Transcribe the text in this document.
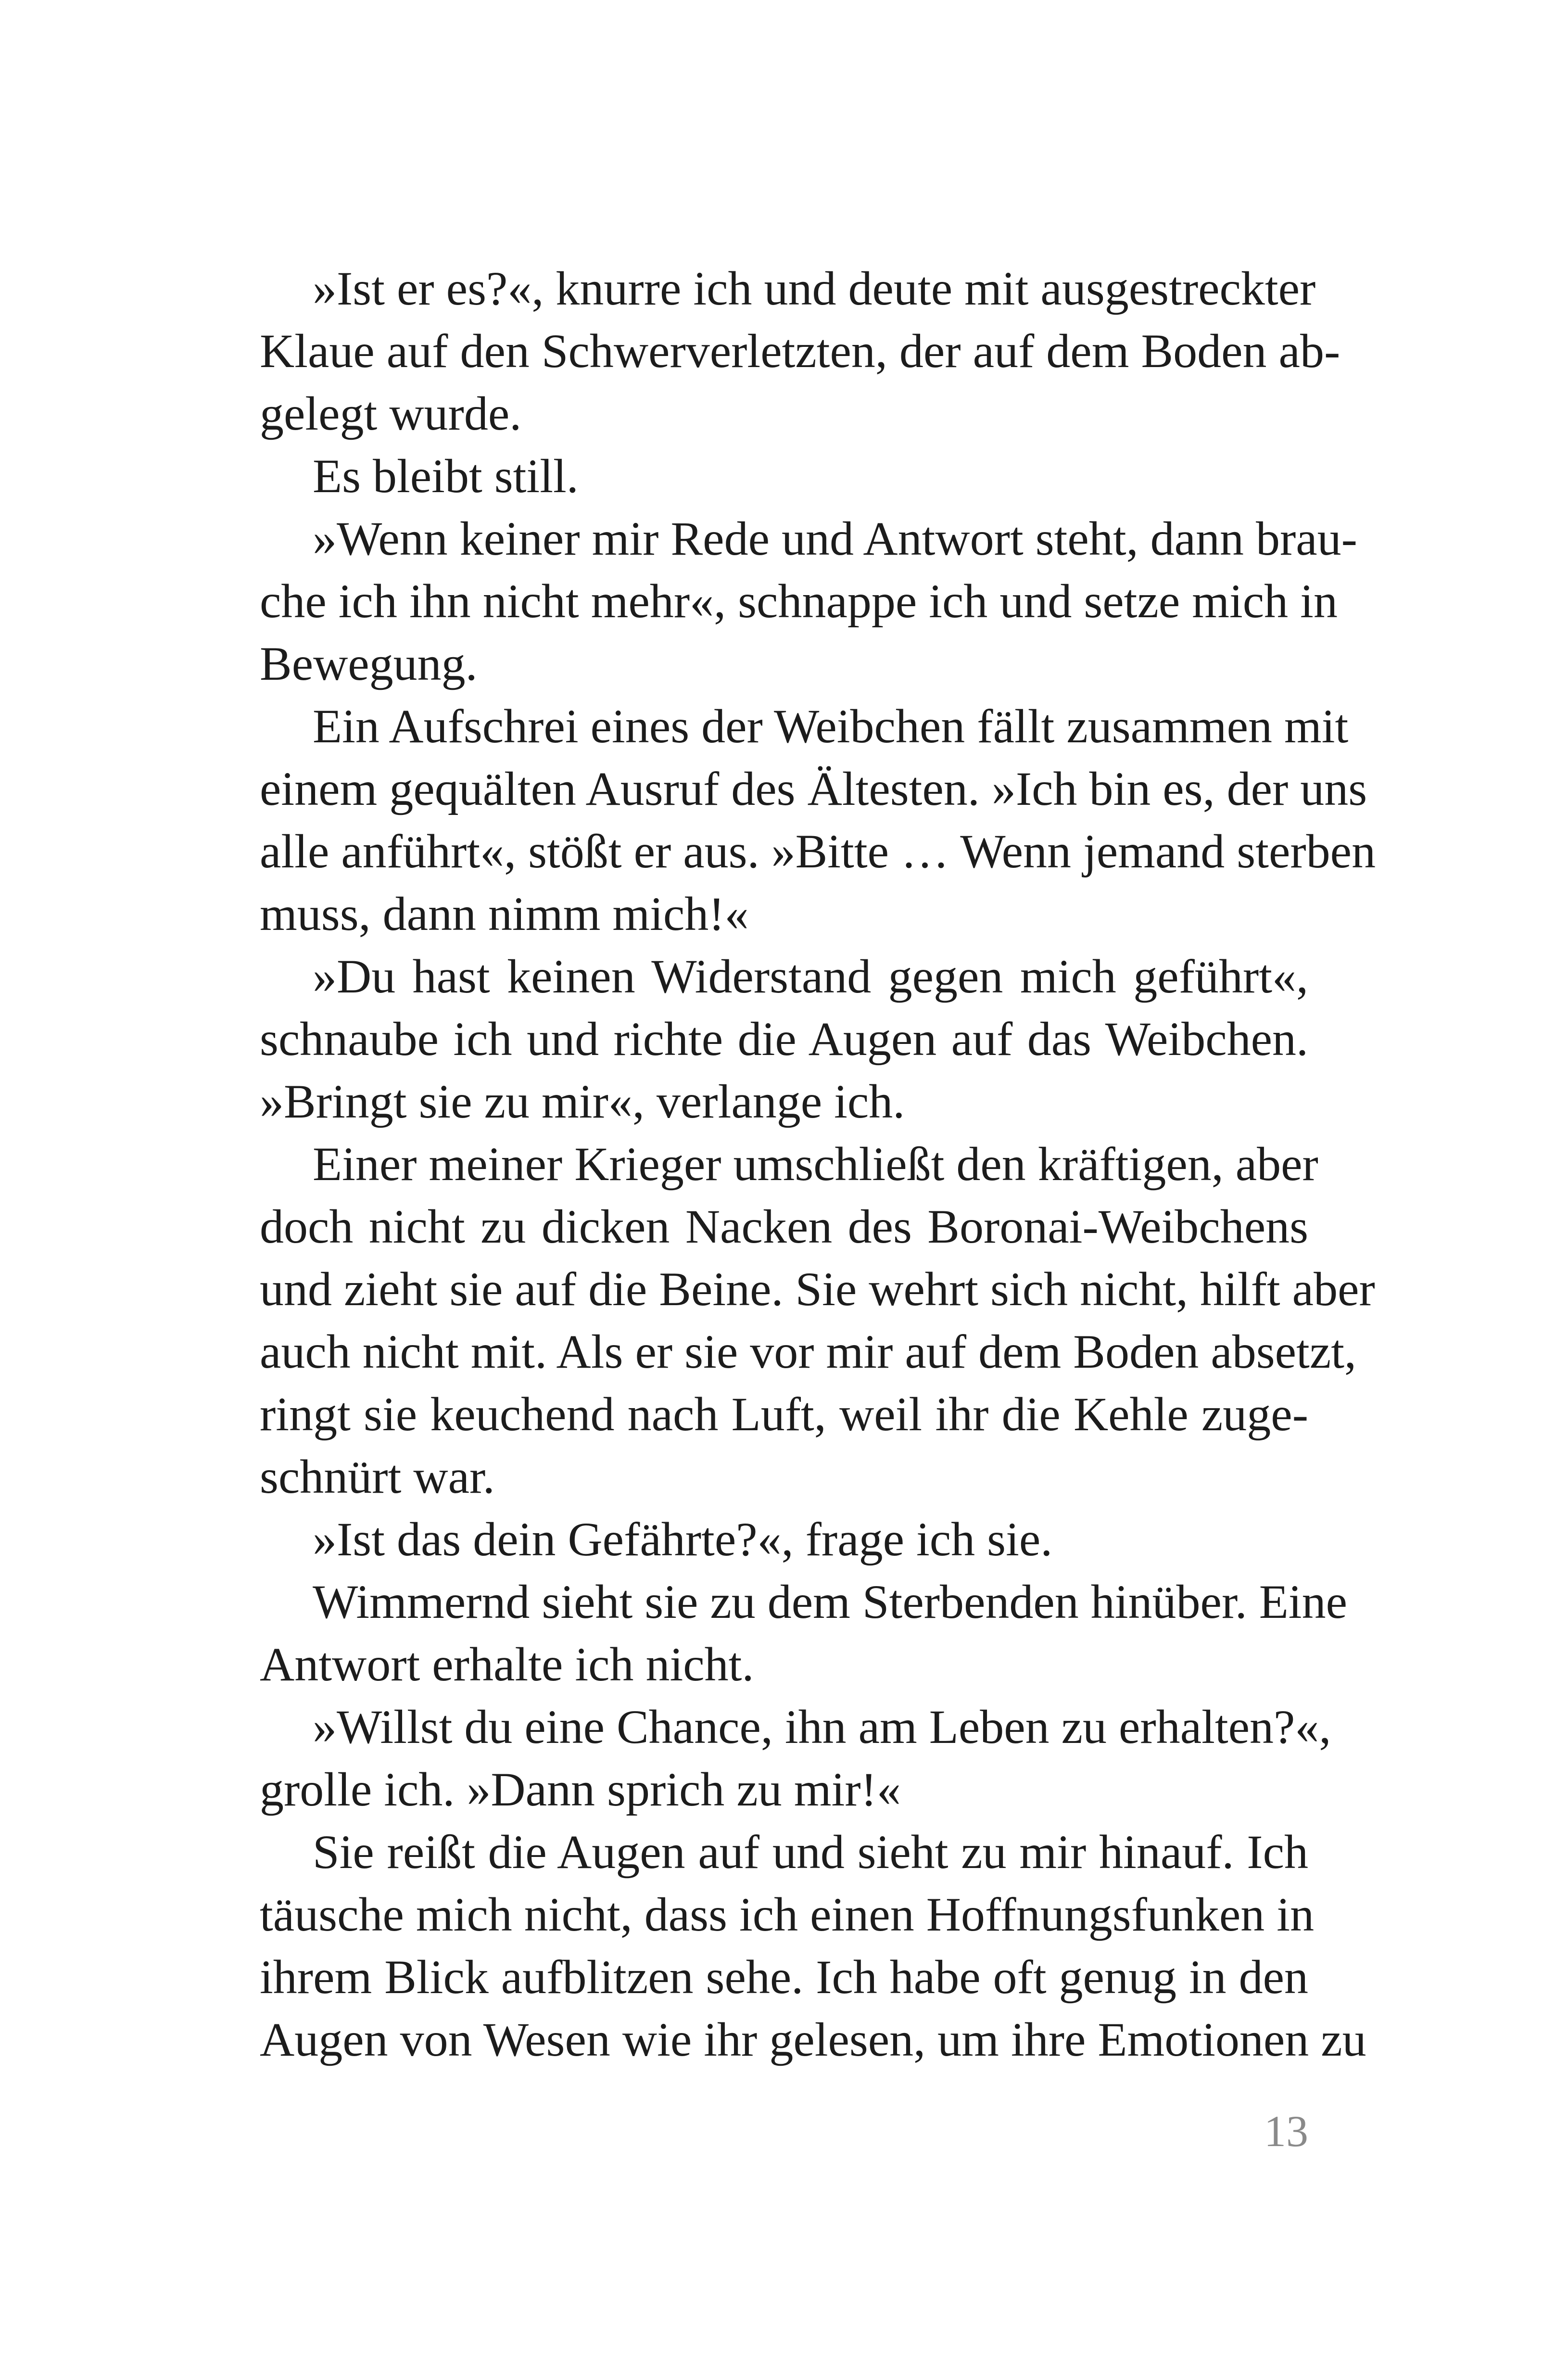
»Ist er es?«, knurre ich und deute mit ausgestreckter
Klaue auf den Schwerverletzten, der auf dem Boden ab-
gelegt wurde.
Es bleibt still.
»Wenn keiner mir Rede und Antwort steht, dann brau-
che ich ihn nicht mehr«, schnappe ich und setze mich in
Bewegung.
Ein Aufschrei eines der Weibchen fällt zusammen mit
einem gequälten Ausruf des Ältesten. »Ich bin es, der uns
alle anführt«, stößt er aus. »Bitte … Wenn jemand sterben
muss, dann nimm mich!«
»Du hast keinen Widerstand gegen mich geführt«,
schnaube ich und richte die Augen auf das Weibchen.
»Bringt sie zu mir«, verlange ich.
Einer meiner Krieger umschließt den kräftigen, aber
doch nicht zu dicken Nacken des Boronai-Weibchens
und zieht sie auf die Beine. Sie wehrt sich nicht, hilft aber
auch nicht mit. Als er sie vor mir auf dem Boden absetzt,
ringt sie keuchend nach Luft, weil ihr die Kehle zuge-
schnürt war.
»Ist das dein Gefährte?«, frage ich sie.
Wimmernd sieht sie zu dem Sterbenden hinüber. Eine
Antwort erhalte ich nicht.
»Willst du eine Chance, ihn am Leben zu erhalten?«,
grolle ich. »Dann sprich zu mir!«
Sie reißt die Augen auf und sieht zu mir hinauf. Ich
täusche mich nicht, dass ich einen Hoffnungsfunken in
ihrem Blick aufblitzen sehe. Ich habe oft genug in den
Augen von Wesen wie ihr gelesen, um ihre Emotionen zu
13
